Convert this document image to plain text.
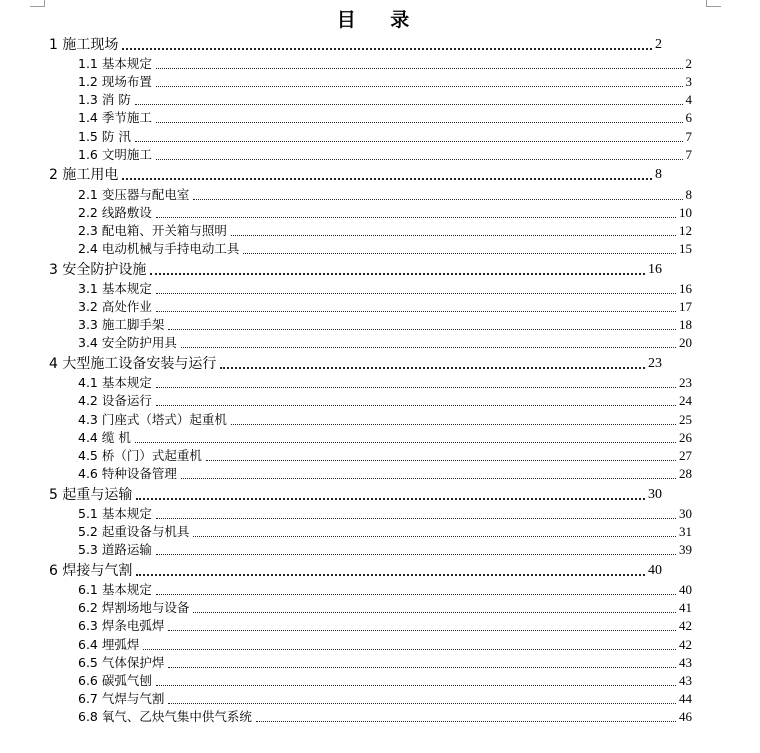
目 录
1 施工现场	2
1.1 基本规定	2
1.2 现场布置	3
1.3 消 防	4
1.4 季节施工	6
1.5 防 汛	7
1.6 文明施工	7
2 施工用电	8
2.1 变压器与配电室	8
2.2 线路敷设	10
2.3 配电箱、开关箱与照明	12
2.4 电动机械与手持电动工具	15
3 安全防护设施	16
3.1 基本规定	16
3.2 高处作业	17
3.3 施工脚手架	18
3.4 安全防护用具	20
4 大型施工设备安装与运行	23
4.1 基本规定	23
4.2 设备运行	24
4.3 门座式（塔式）起重机	25
4.4 缆 机	26
4.5 桥（门）式起重机	27
4.6 特种设备管理	28
5 起重与运输	30
5.1 基本规定	30
5.2 起重设备与机具	31
5.3 道路运输	39
6 焊接与气割	40
6.1 基本规定	40
6.2 焊割场地与设备	41
6.3 焊条电弧焊	42
6.4 埋弧焊	42
6.5 气体保护焊	43
6.6 碳弧气刨	43
6.7 气焊与气割	44
6.8 氧气、乙炔气集中供气系统	46
